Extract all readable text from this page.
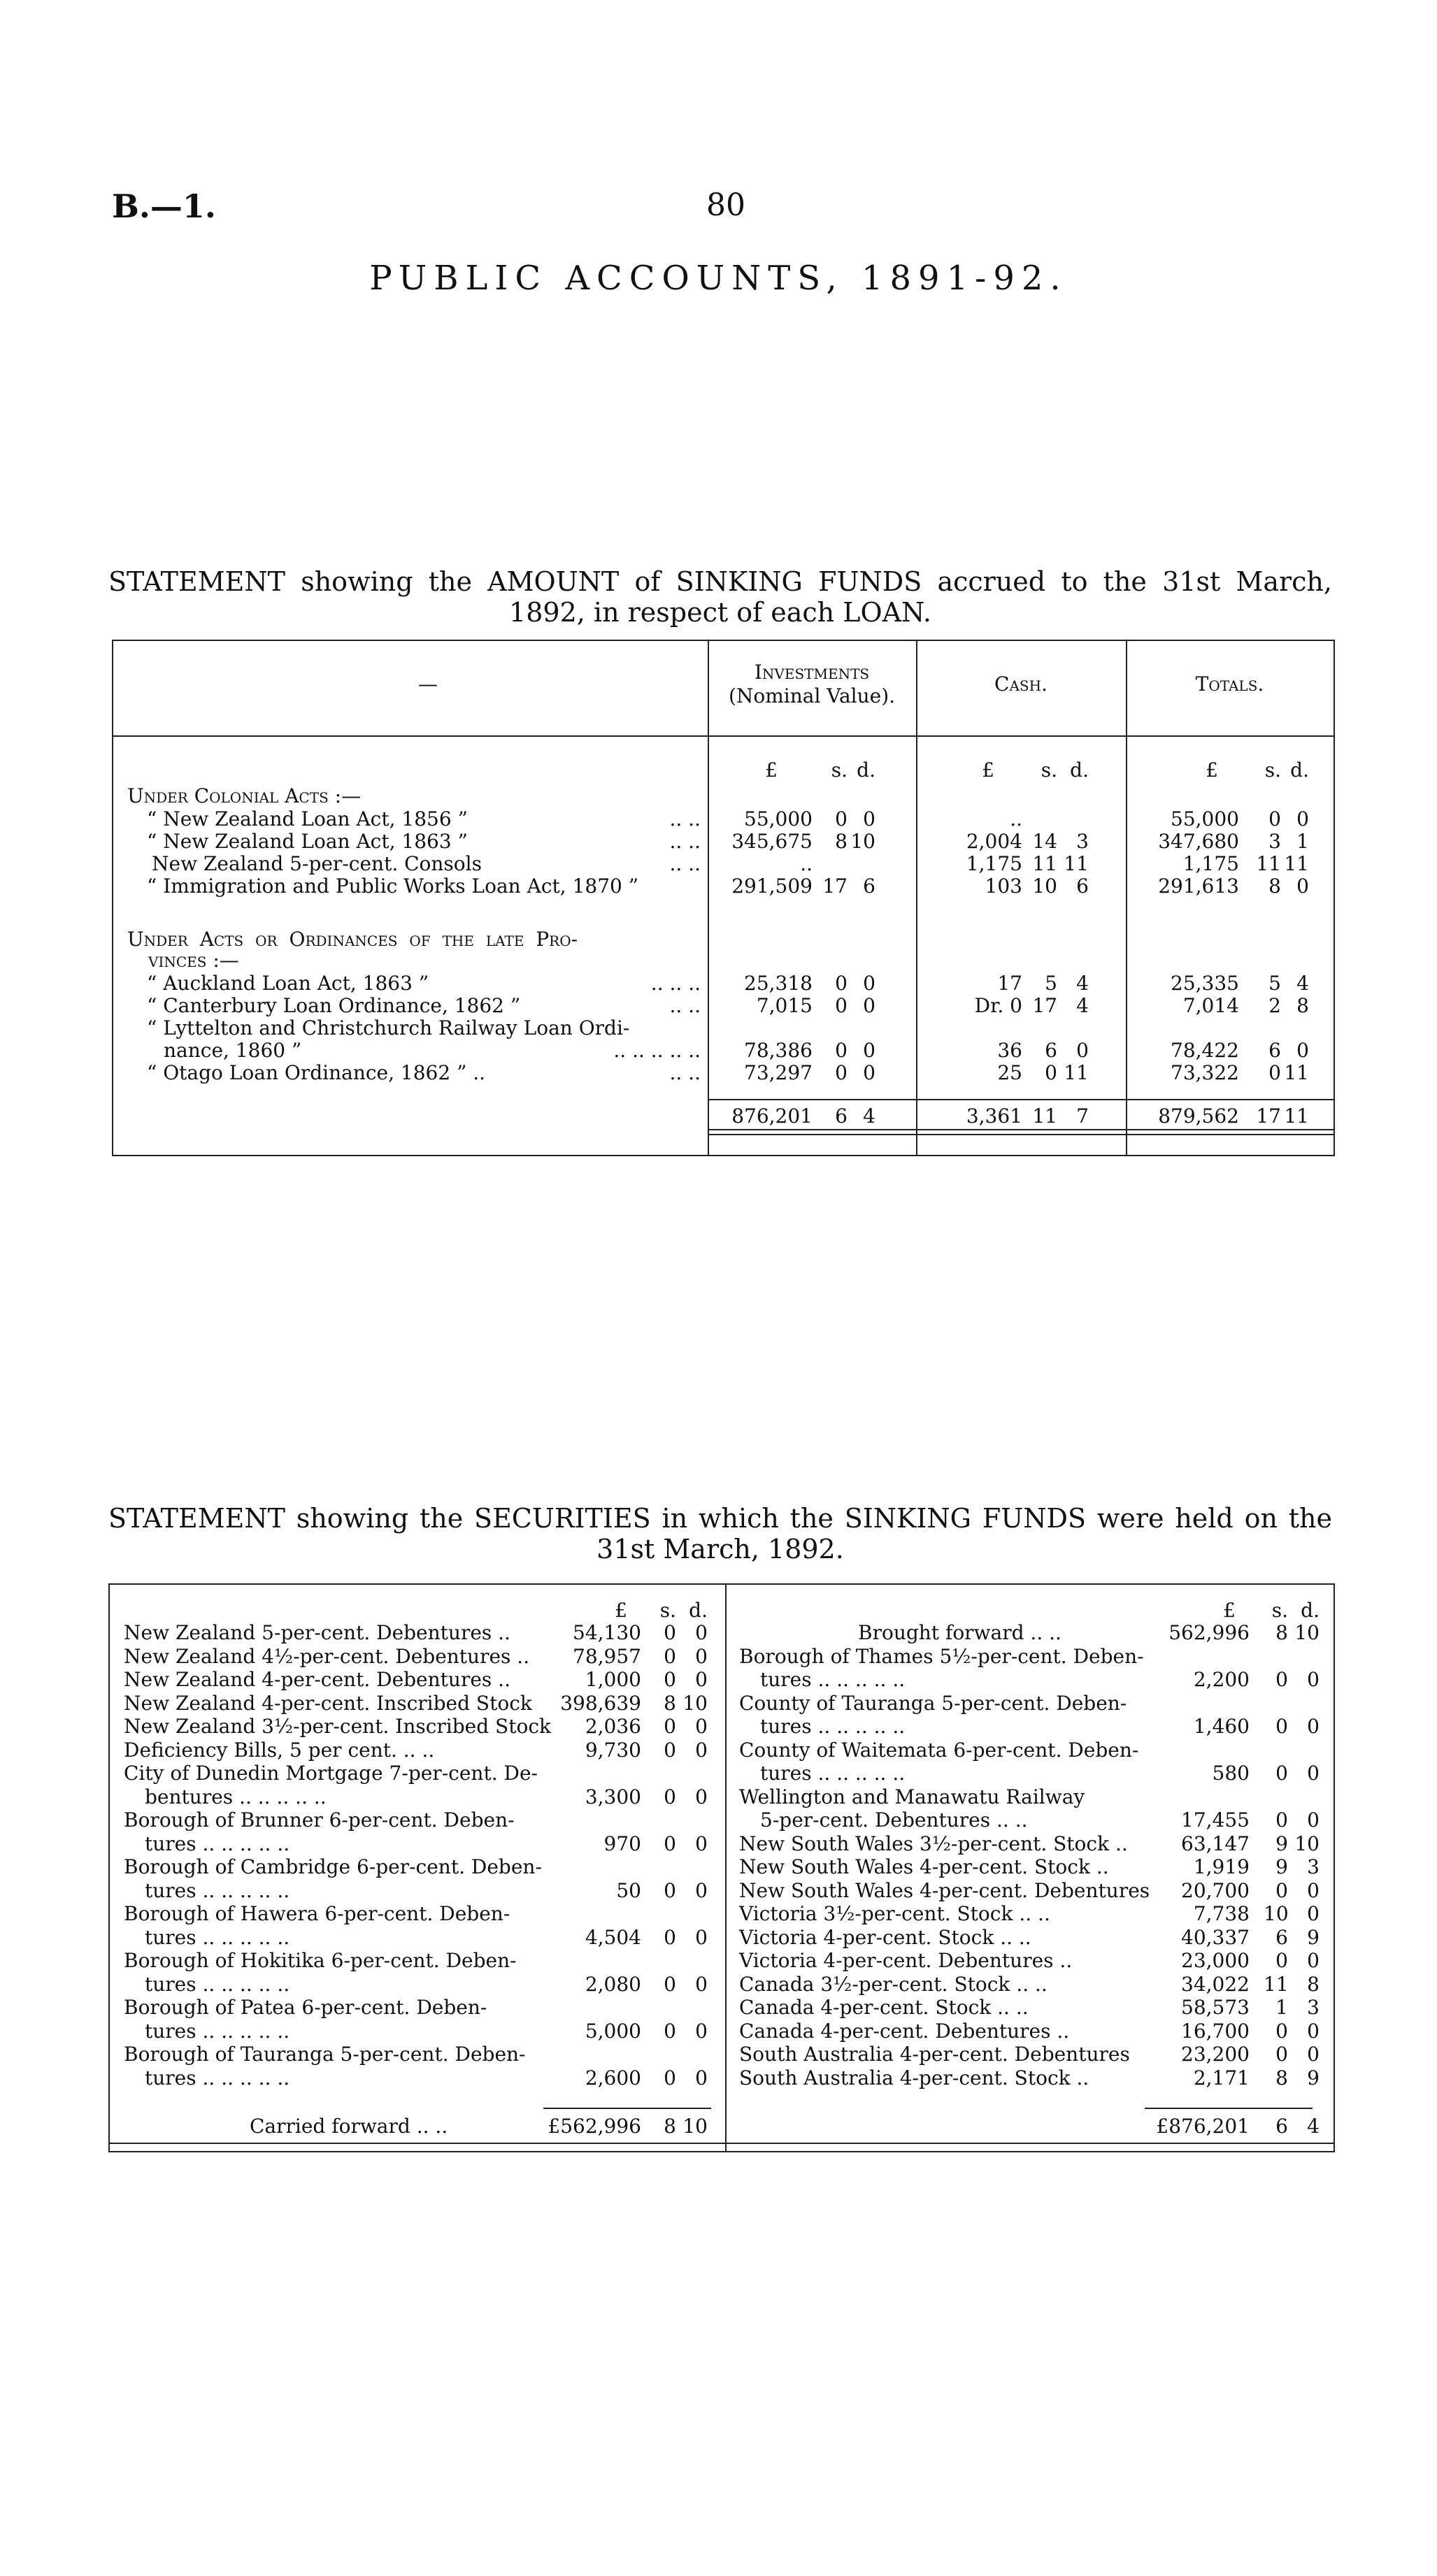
B.—1.	80
PUBLIC ACCOUNTS, 1891-92.
STATEMENT showing the AMOUNT of SINKING FUNDS accrued to the 31st March,
1892, in respect of each LOAN.
—
Investments
(Nominal Value).
Cash.	Totals.
£	s. d.	£	s. d.	£	s. d.
Under Colonial Acts :—
“ New Zealand Loan Act, 1856 ”	.. ..	55,000	0 0	..	55,000	0 0
“ New Zealand Loan Act, 1863 ”	.. ..	345,675	8 10	2,004 14 3	347,680	3 1
New Zealand 5-per-cent. Consols	.. ..	..	1,175 11 11	1,175 11 11
“ Immigration and Public Works Loan Act, 1870 ”	291,509 17 6	103 10 6	291,613	8 0
Under Acts or Ordinances of the late Pro-
vinces :—
“ Auckland Loan Act, 1863 ”	.. .. ..	25,318	0 0	17	5 4	25,335	5 4
“ Canterbury Loan Ordinance, 1862 ”	.. ..	7,015	0 0	Dr. 0 17 4	7,014	2 8
“ Lyttelton and Christchurch Railway Loan Ordi-
nance, 1860 ”	.. .. .. .. ..	78,386	0 0	36	6 0	78,422	6 0
“ Otago Loan Ordinance, 1862 ” ..	.. ..	73,297	0 0	25	0 11	73,322	0 11
876,201	6 4	3,361 11 7	879,562 17 11
STATEMENT showing the SECURITIES in which the SINKING FUNDS were held on the
31st March, 1892.
£	s. d.	£	s. d.
New Zealand 5-per-cent. Debentures ..	54,130	0 0
New Zealand 4½-per-cent. Debentures ..	78,957	0 0
New Zealand 4-per-cent. Debentures ..	1,000	0 0
New Zealand 4-per-cent. Inscribed Stock	398,639	8 10
New Zealand 3½-per-cent. Inscribed Stock	2,036	0 0
Deficiency Bills, 5 per cent. .. ..	9,730	0 0
City of Dunedin Mortgage 7-per-cent. De-
bentures .. .. .. .. ..	3,300	0 0
Borough of Brunner 6-per-cent. Deben-
tures .. .. .. .. ..	970	0 0
Borough of Cambridge 6-per-cent. Deben-
tures .. .. .. .. ..	50	0 0
Borough of Hawera 6-per-cent. Deben-
tures .. .. .. .. ..	4,504	0 0
Borough of Hokitika 6-per-cent. Deben-
tures .. .. .. .. ..	2,080	0 0
Borough of Patea 6-per-cent. Deben-
tures .. .. .. .. ..	5,000	0 0
Borough of Tauranga 5-per-cent. Deben-
tures .. .. .. .. ..	2,600	0 0
Brought forward .. ..	562,996	8 10
Borough of Thames 5½-per-cent. Deben-
tures .. .. .. .. ..	2,200	0 0
County of Tauranga 5-per-cent. Deben-
tures .. .. .. .. ..	1,460	0 0
County of Waitemata 6-per-cent. Deben-
tures .. .. .. .. ..	580	0 0
Wellington and Manawatu Railway
5-per-cent. Debentures .. ..	17,455	0 0
New South Wales 3½-per-cent. Stock ..	63,147	9 10
New South Wales 4-per-cent. Stock ..	1,919	9 3
New South Wales 4-per-cent. Debentures	20,700	0 0
Victoria 3½-per-cent. Stock .. ..	7,738 10 0
Victoria 4-per-cent. Stock .. ..	40,337	6 9
Victoria 4-per-cent. Debentures ..	23,000	0 0
Canada 3½-per-cent. Stock .. ..	34,022 11 8
Canada 4-per-cent. Stock .. ..	58,573	1 3
Canada 4-per-cent. Debentures ..	16,700	0 0
South Australia 4-per-cent. Debentures	23,200	0 0
South Australia 4-per-cent. Stock ..	2,171	8 9
Carried forward .. ..	£562,996	8 10	£876,201	6 4
